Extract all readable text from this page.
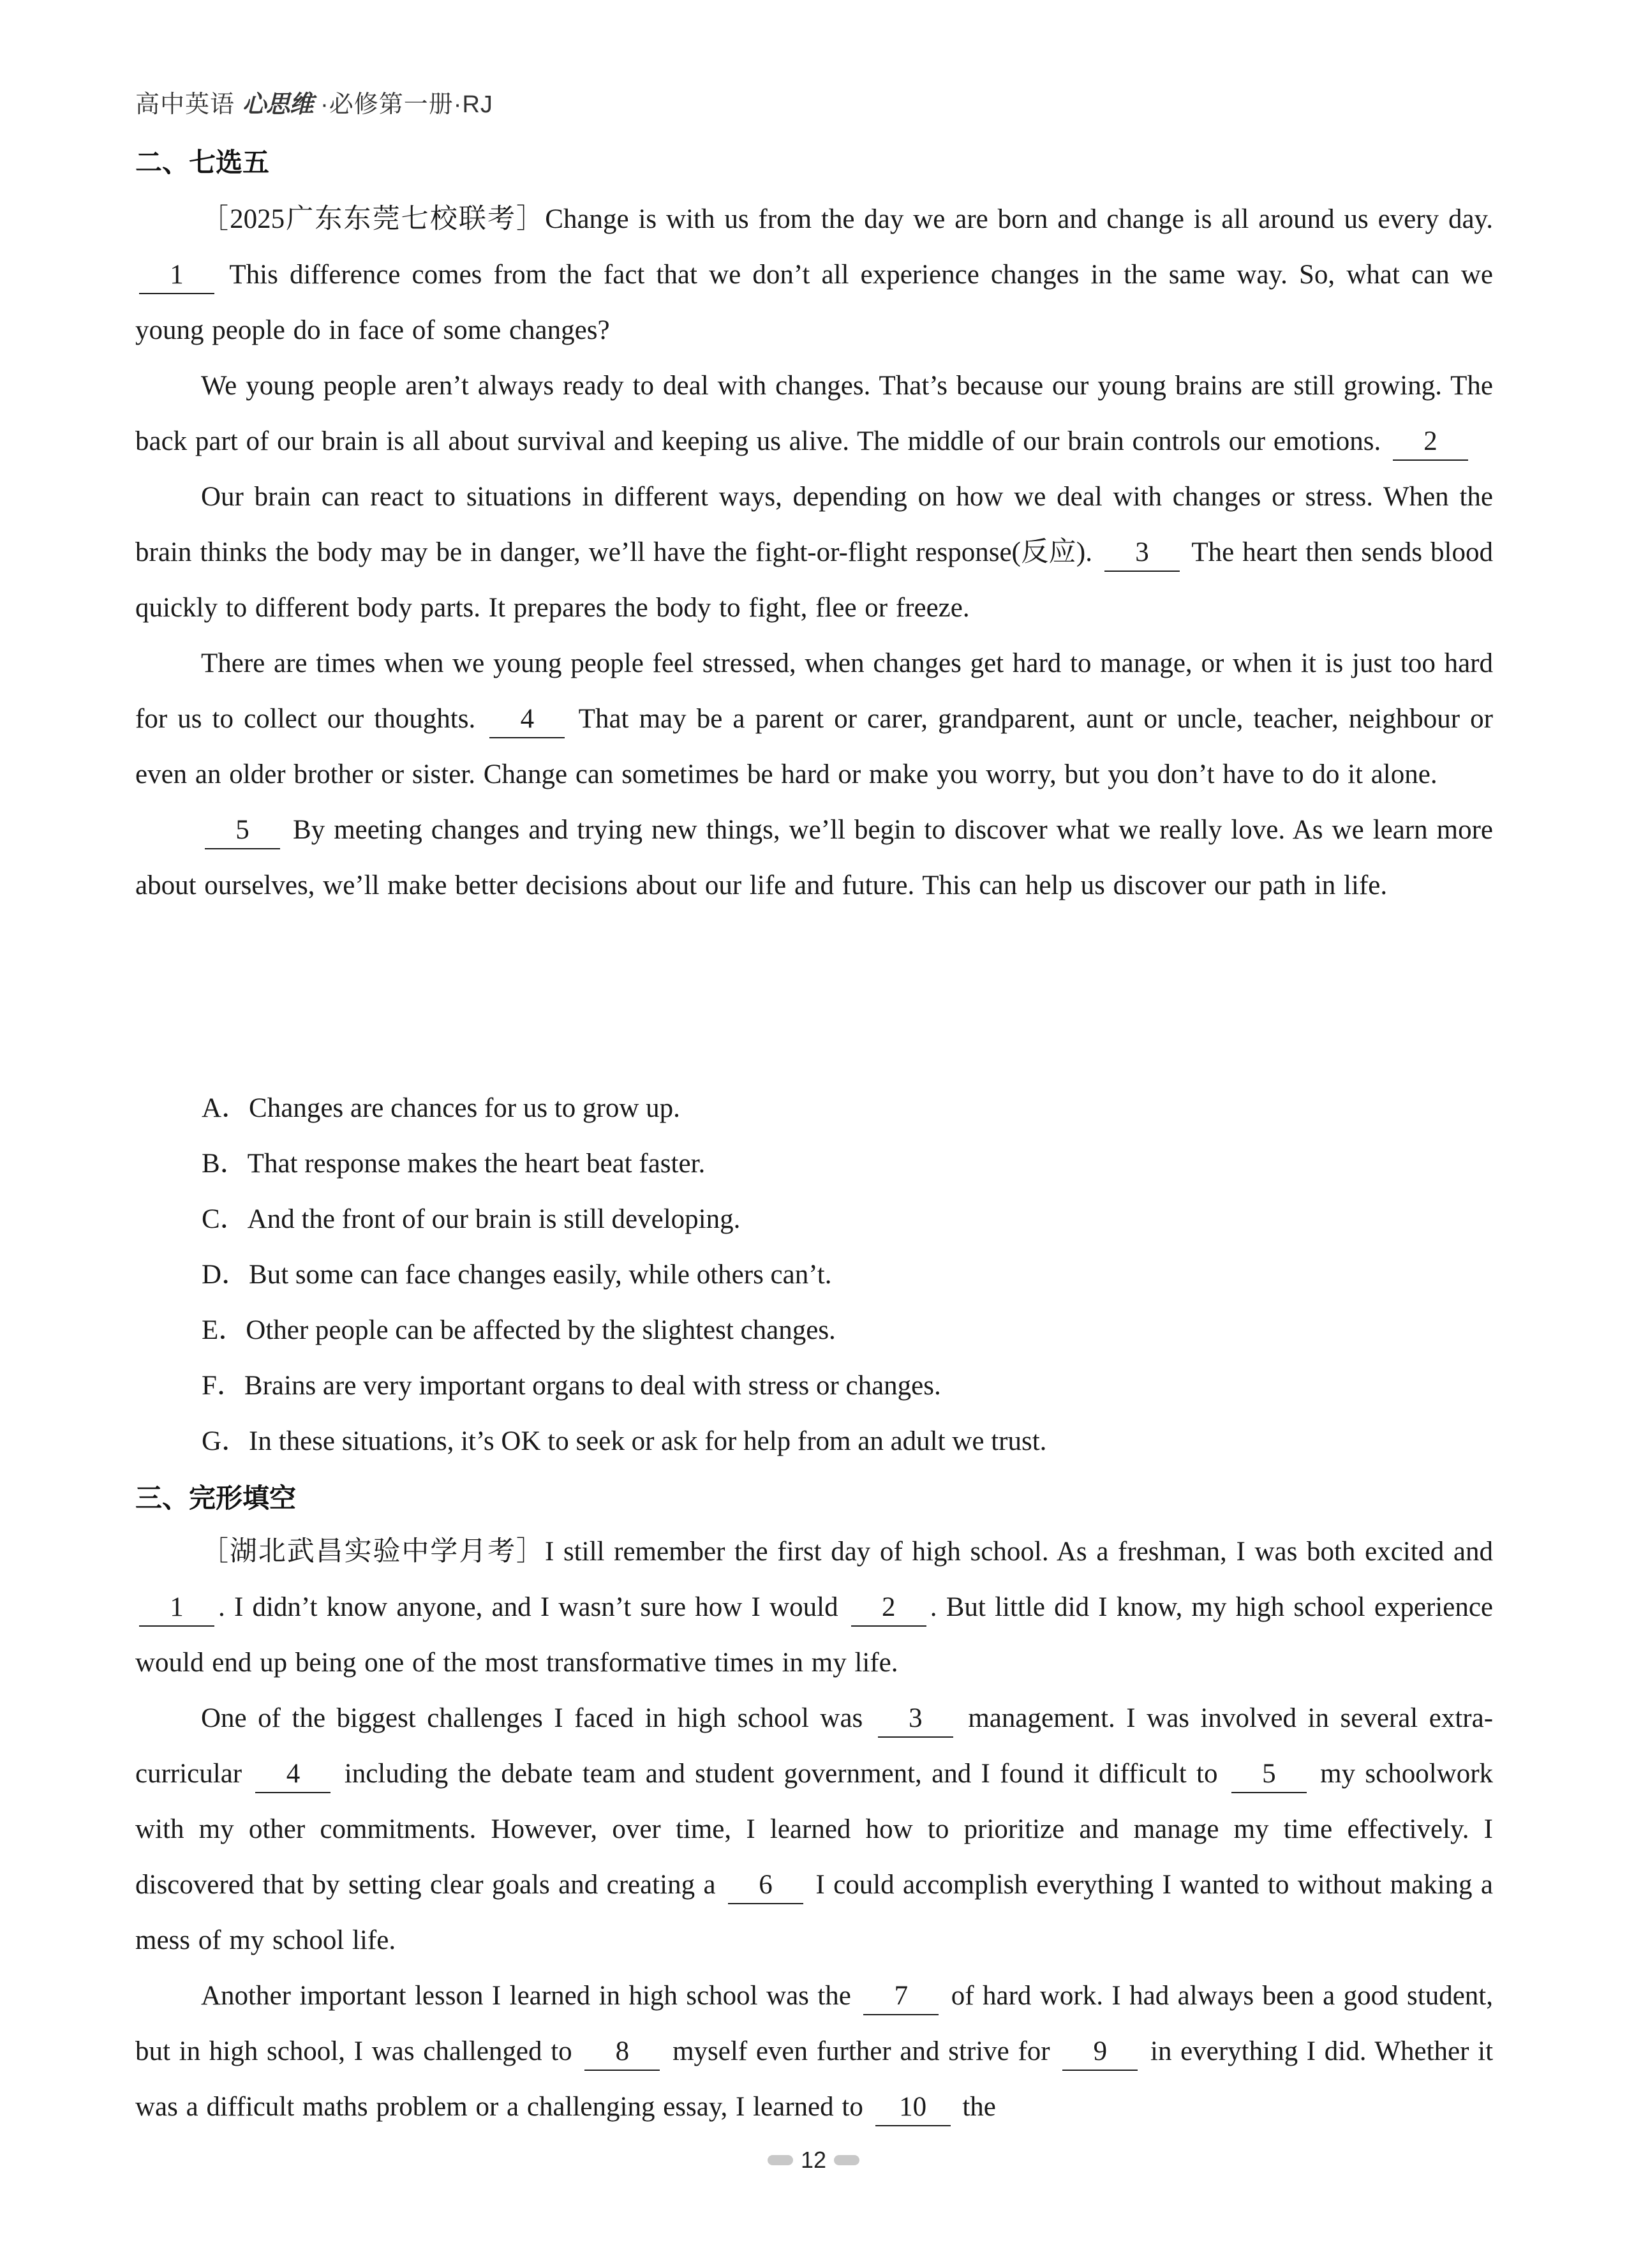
高中英语 心思维 ·必修第一册·RJ
二、七选五

［2025广东东莞七校联考］Change is with us from the day we are born and change is all around us every day. 1 This difference comes from the fact that we don’t all experience changes in the same way. So, what can we young people do in face of some changes?

We young people aren’t always ready to deal with changes. That’s because our young brains are still growing. The back part of our brain is all about survival and keeping us alive. The middle of our brain controls our emotions. 2

Our brain can react to situations in different ways, depending on how we deal with changes or stress. When the brain thinks the body may be in danger, we’ll have the fight-or-flight response(反应). 3 The heart then sends blood quickly to different body parts. It prepares the body to fight, flee or freeze.

There are times when we young people feel stressed, when changes get hard to manage, or when it is just too hard for us to collect our thoughts. 4 That may be a parent or carer, grandparent, aunt or uncle, teacher, neighbour or even an older brother or sister. Change can sometimes be hard or make you worry, but you don’t have to do it alone.

5 By meeting changes and trying new things, we’ll begin to discover what we really love. As we learn more about ourselves, we’ll make better decisions about our life and future. This can help us discover our path in life.

A．Changes are chances for us to grow up.
B．That response makes the heart beat faster.
C．And the front of our brain is still developing.
D．But some can face changes easily, while others can’t.
E．Other people can be affected by the slightest changes.
F．Brains are very important organs to deal with stress or changes.
G．In these situations, it’s OK to seek or ask for help from an adult we trust.
三、完形填空

［湖北武昌实验中学月考］I still remember the first day of high school. As a freshman, I was both excited and 1 . I didn’t know anyone, and I wasn’t sure how I would 2 . But little did I know, my high school experience would end up being one of the most transformative times in my life.

One of the biggest challenges I faced in high school was 3 management. I was involved in several extra-curricular 4 including the debate team and student government, and I found it difficult to 5 my schoolwork with my other commitments. However, over time, I learned how to prioritize and manage my time effectively. I discovered that by setting clear goals and creating a 6 I could accomplish everything I wanted to without making a mess of my school life.

Another important lesson I learned in high school was the 7 of hard work. I had always been a good student, but in high school, I was challenged to 8 myself even further and strive for 9 in everything I did. Whether it was a difficult maths problem or a challenging essay, I learned to 10 the

12
